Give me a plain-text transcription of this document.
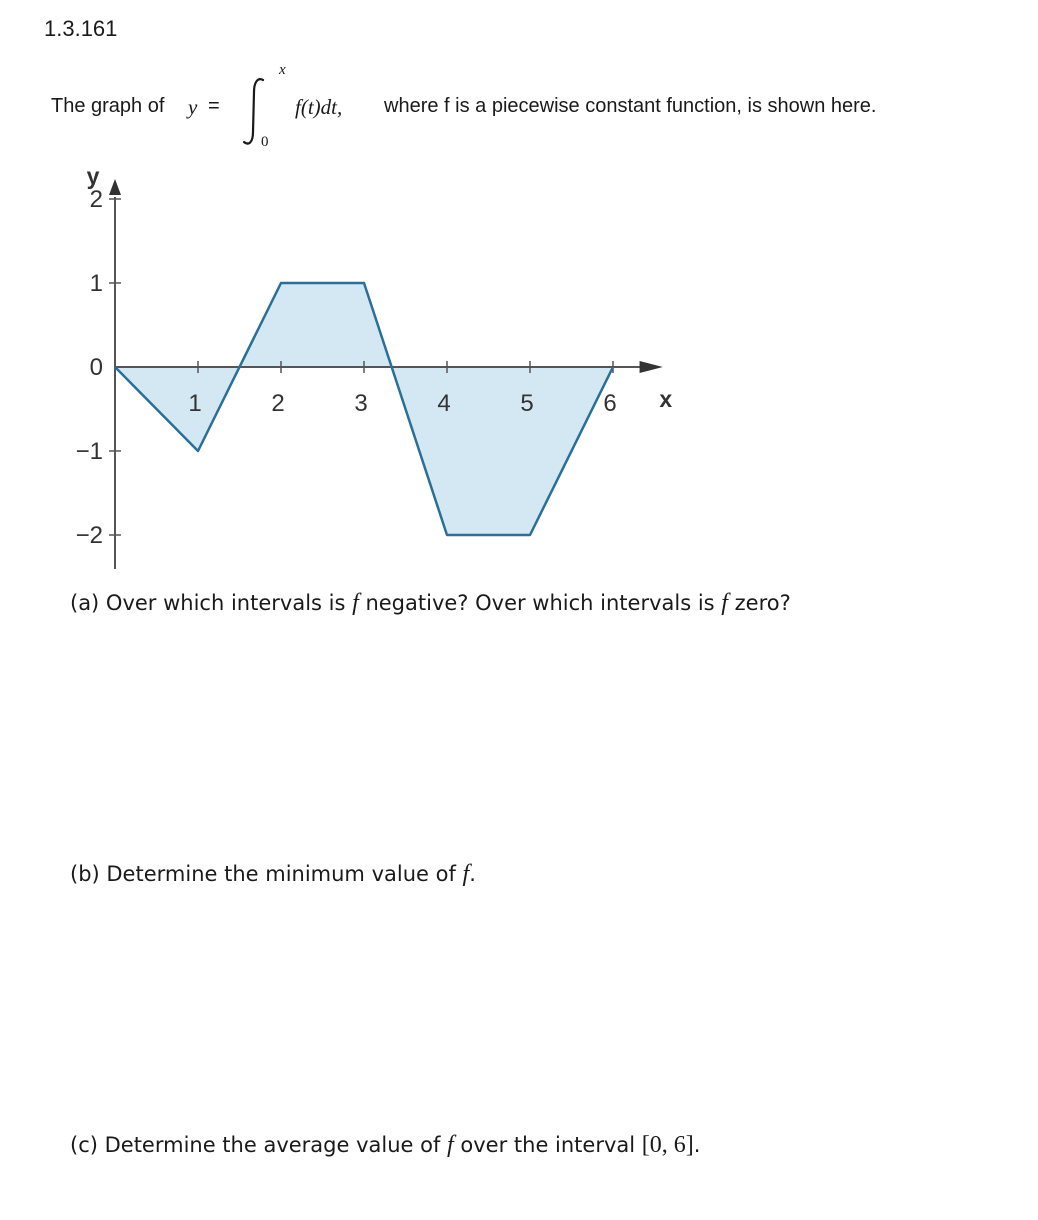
1.3.161
The graph of y =
x
0
f(t)dt, where f is a piecewise constant function, is shown here.
1	2	3	4	5	6
2
1
0
−1
−2
x
y
(a) Over which intervals is f negative? Over which intervals is f zero?
(b) Determine the minimum value of f.
(c) Determine the average value of f over the interval [0, 6].
